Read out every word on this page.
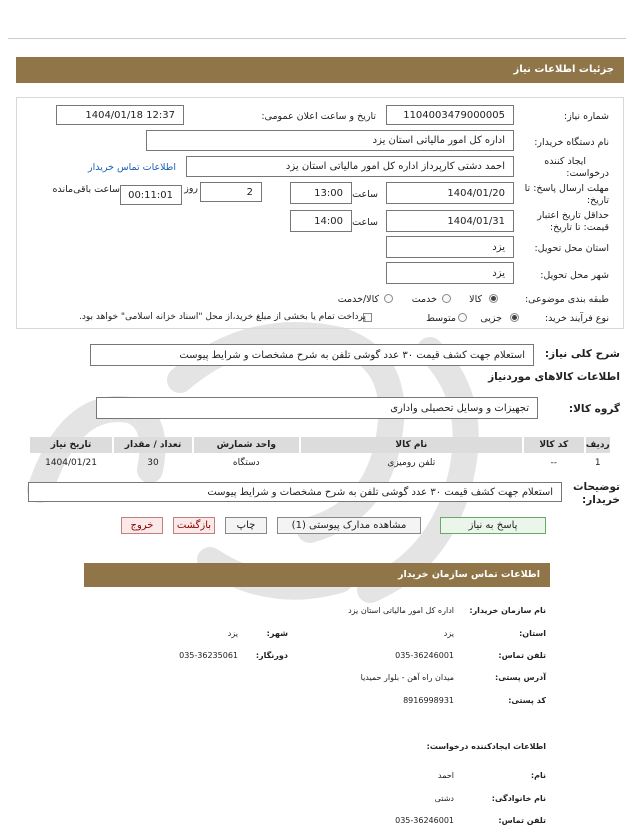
جزئیات اطلاعات نیاز
شماره نیاز:
1104003479000005
تاریخ و ساعت اعلان عمومی:
1404/01/18 12:37
نام دستگاه خریدار:
اداره کل امور مالیاتی استان یزد
ایجاد کننده
درخواست:
احمد دشتی کارپرداز اداره کل امور مالیاتی استان یزد
اطلاعات تماس خریدار
مهلت ارسال پاسخ: تا
تاریخ:
1404/01/20
ساعت
13:00
2
روز
00:11:01
ساعت باقی‌مانده
حداقل تاریخ اعتبار
قیمت: تا تاریخ:
1404/01/31
ساعت
14:00
استان محل تحویل:
یزد
شهر محل تحویل:
یزد
طبقه بندی موضوعی:
کالا
خدمت
کالا/خدمت
نوع فرآیند خرید:
جزیی
متوسط
پرداخت تمام یا بخشی از مبلغ خرید،از محل "اسناد خزانه اسلامی" خواهد بود.
شرح کلی نیاز:
استعلام جهت کشف قیمت ۳۰ عدد گوشی تلفن به شرح مشخصات و شرایط پیوست
اطلاعات کالاهای موردنیاز
گروه کالا:
تجهیزات و وسایل تحصیلی واداری
ردیف	کد کالا	نام کالا	واحد شمارش	تعداد / مقدار	تاریخ نیاز
1	--	تلفن رومیزی	دستگاه	30	1404/01/21
توضیحات
خریدار:
استعلام جهت کشف قیمت ۳۰ عدد گوشی تلفن به شرح مشخصات و شرایط پیوست
پاسخ به نیاز
مشاهده مدارک پیوستی (1)
چاپ
بازگشت
خروج
اطلاعات تماس سازمان خریدار
نام سازمان خریدار:
اداره کل امور مالیاتی استان یزد
استان:
یزد
شهر:
یزد
تلفن تماس:
035-36246001
دورنگار:
035-36235061
آدرس پستی:
میدان راه آهن - بلوار حمیدیا
کد پستی:
8916998931
اطلاعات ایجادکننده درخواست:
نام:
احمد
نام خانوادگی:
دشتی
تلفن تماس:
035-36246001
